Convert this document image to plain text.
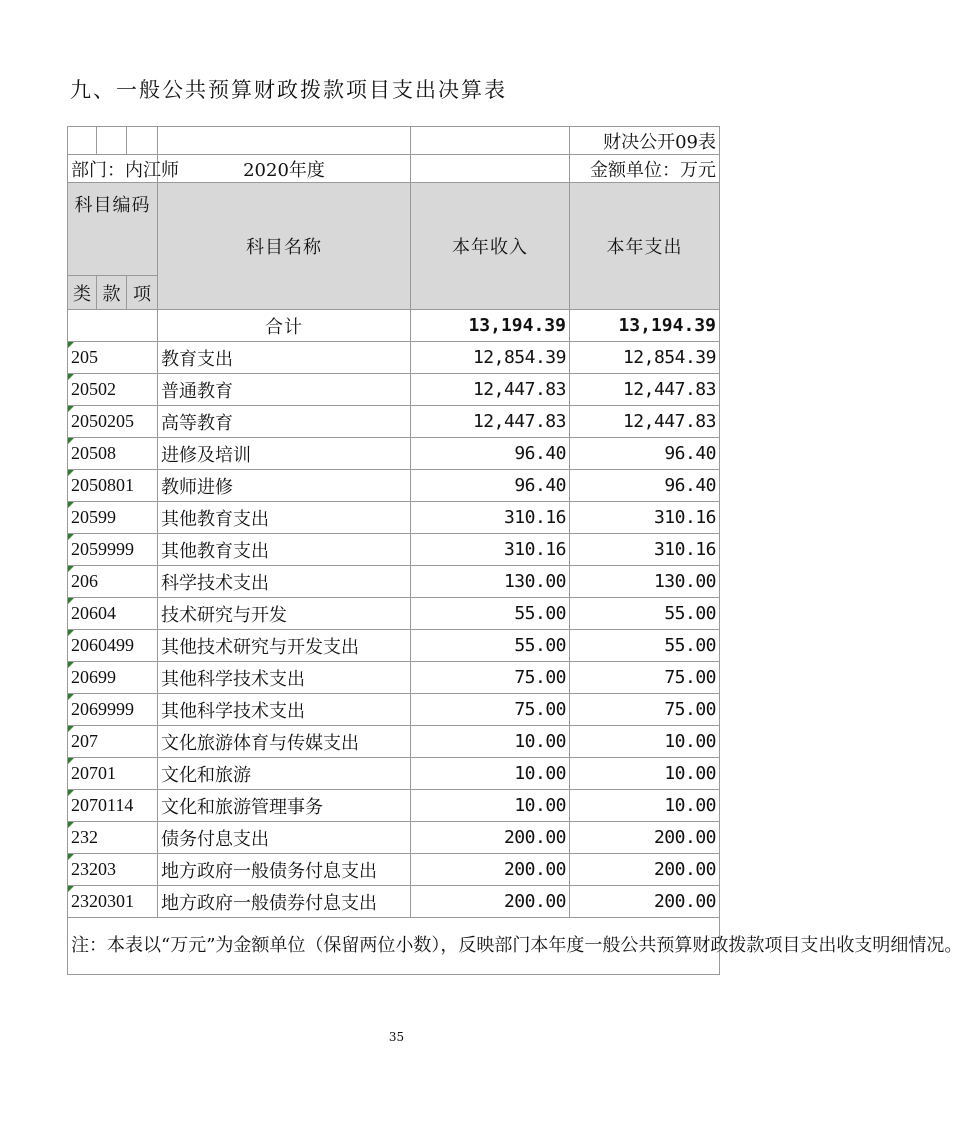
九、一般公共预算财政拨款项目支出决算表
					财决公开09表
部门：内江师			2020年度		金额单位：万元
科目编码			科目名称	本年收入	本年支出
类	款	项			
			合计	13,194.39	13,194.39
205			教育支出	12,854.39	12,854.39
20502			普通教育	12,447.83	12,447.83
2050205			高等教育	12,447.83	12,447.83
20508			进修及培训	96.40	96.40
2050801			教师进修	96.40	96.40
20599			其他教育支出	310.16	310.16
2059999			其他教育支出	310.16	310.16
206			科学技术支出	130.00	130.00
20604			技术研究与开发	55.00	55.00
2060499			其他技术研究与开发支出	55.00	55.00
20699			其他科学技术支出	75.00	75.00
2069999			其他科学技术支出	75.00	75.00
207			文化旅游体育与传媒支出	10.00	10.00
20701			文化和旅游	10.00	10.00
2070114			文化和旅游管理事务	10.00	10.00
232			债务付息支出	200.00	200.00
23203			地方政府一般债务付息支出	200.00	200.00
2320301			地方政府一般债券付息支出	200.00	200.00
注：本表以“万元”为金额单位（保留两位小数），反映部门本年度一般公共预算财政拨款项目支出收支明细情况。					
35
